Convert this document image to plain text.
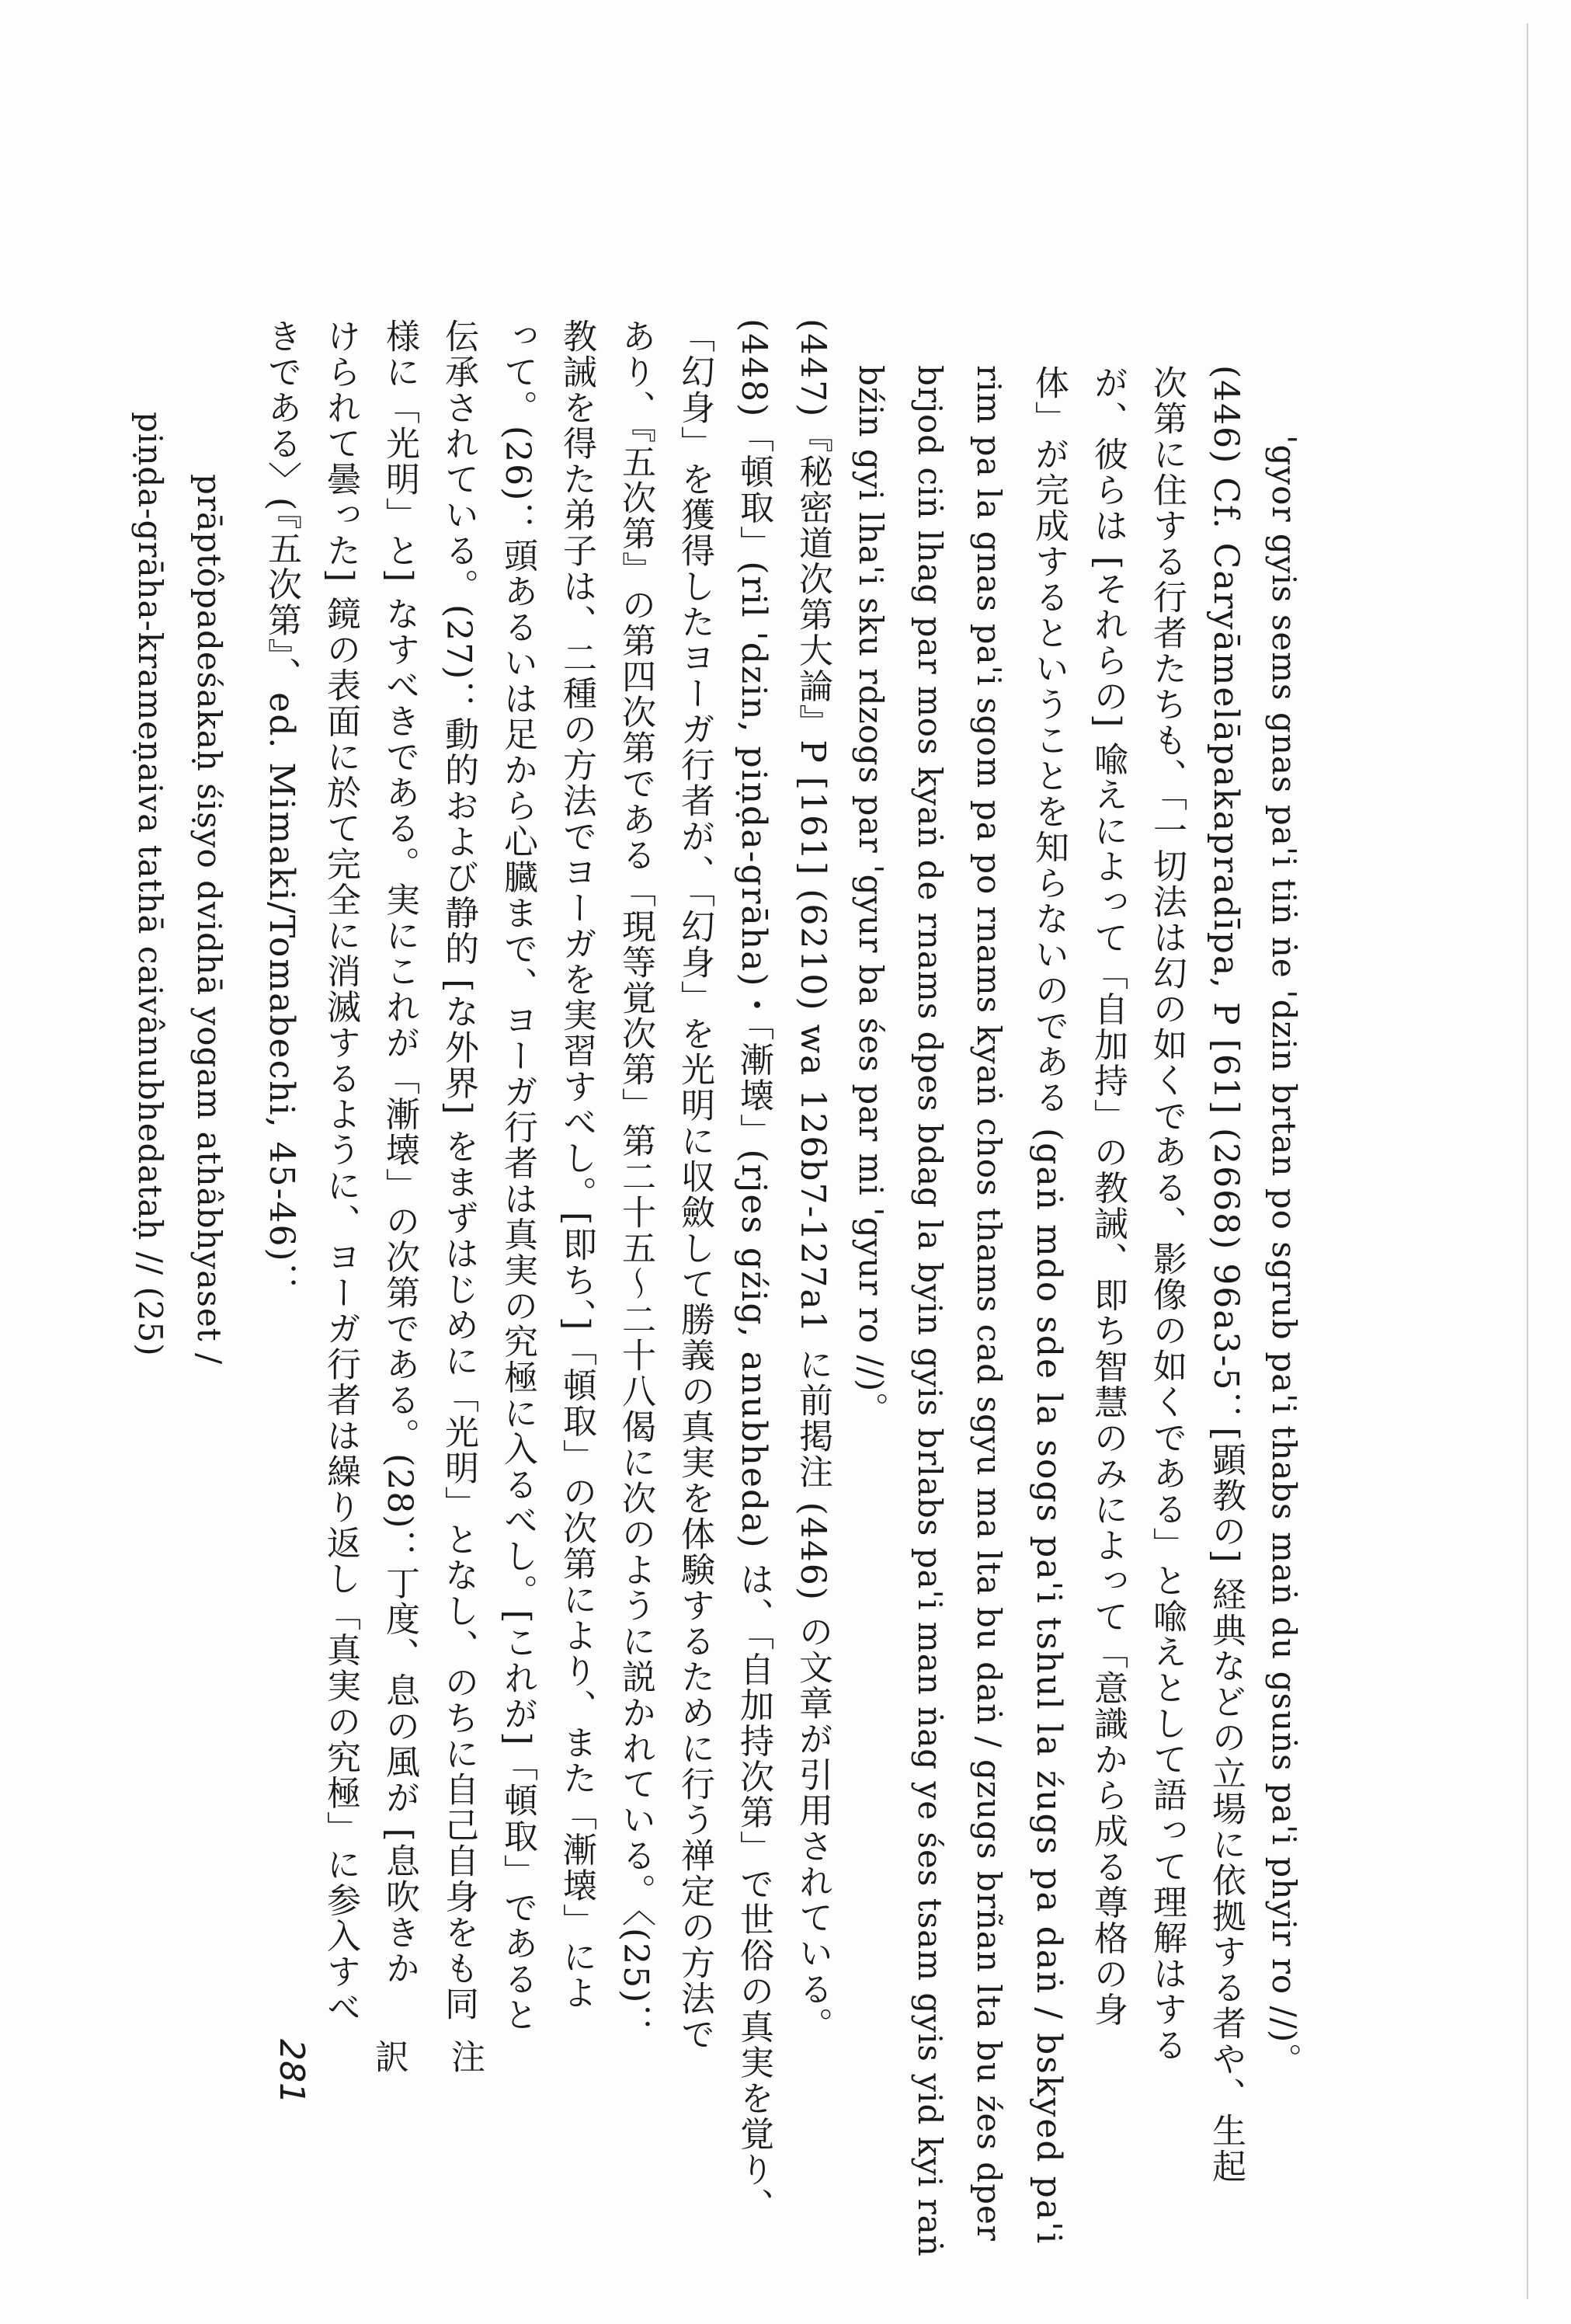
'gyor gyis sems gnas pa'i tiṅ ṅe 'dzin brtan po sgrub pa'i thabs maṅ du gsuṅs pa'i phyir ro //)。
(446) Cf. Caryāmelāpakapradīpa, P [61] (2668) 96a3-5：[顕教の] 経典などの立場に依拠する者や、生起
次第に住する行者たちも、「一切法は幻の如くである、影像の如くである」と喩えとして語って理解はする
が、彼らは [それらの] 喩えによって「自加持」の教誡、即ち智慧のみによって「意識から成る尊格の身
体」が完成するということを知らないのである (gaṅ mdo sde la sogs pa'i tshul la źugs pa daṅ / bskyed pa'i
rim pa la gnas pa'i sgom pa po rnams kyaṅ chos thams cad sgyu ma lta bu daṅ / gzugs brñan lta bu źes dper
brjod ciṅ lhag par mos kyaṅ de rnams dpes bdag la byin gyis brlabs pa'i man ṅag ye śes tsam gyis yid kyi raṅ
bźin gyi lha'i sku rdzogs par 'gyur ba śes par mi 'gyur ro //)。
(447)『秘密道次第大論』P [161] (6210) wa 126b7-127a1 に前掲注 (446) の文章が引用されている。
(448)「頓取」(ril 'dzin, piṇḍa-grāha)・「漸壊」(rjes gźig, anubheda) は、「自加持次第」で世俗の真実を覚り、
「幻身」を獲得したヨーガ行者が、「幻身」を光明に収斂して勝義の真実を体験するために行う禅定の方法で
あり、『五次第』の第四次第である「現等覚次第」第二十五～二十八偈に次のように説かれている。〈(25)：
教誡を得た弟子は、二種の方法でヨーガを実習すべし。[即ち、]「頓取」の次第により、また「漸壊」によ
って。(26)：頭あるいは足から心臓まで、ヨーガ行者は真実の究極に入るべし。[これが]「頓取」であると
伝承されている。(27)：動的および静的 [な外界] をまずはじめに「光明」となし、のちに自己自身をも同
様に「光明」と] なすべきである。実にこれが「漸壊」の次第である。(28)：丁度、息の風が [息吹きか
けられて曇った] 鏡の表面に於て完全に消滅するように、ヨーガ行者は繰り返し「真実の究極」に参入すべ
きである〉(『五次第』、ed. Mimaki/Tomabechi, 45-46)：
prāptôpadeśakaḥ śiṣyo dvidhā yogam athâbhyaset /
piṇḍa-grāha-krameṇaiva tathā caivânubhedataḥ // (25)
281 訳 注
